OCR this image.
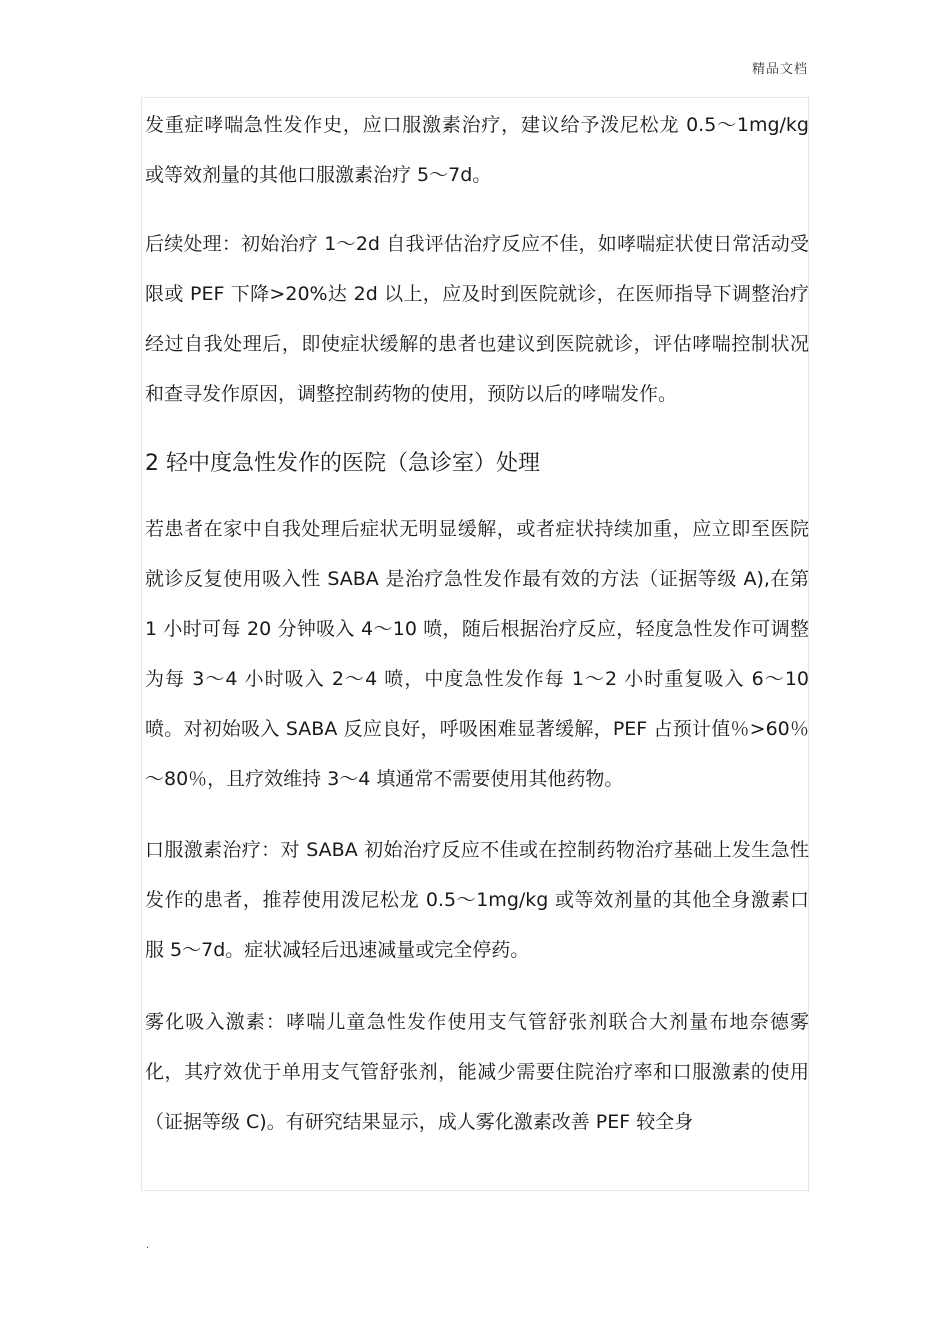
精品文档

发重症哮喘急性发作史，应口服激素治疗，建议给予泼尼松龙 0.5～1mg/kg 或等效剂量的其他口服激素治疗 5～7d。

后续处理：初始治疗 1～2d 自我评估治疗反应不佳，如哮喘症状使日常活动受限或 PEF 下降>20%达 2d 以上，应及时到医院就诊，在医师指导下调整治疗经过自我处理后，即使症状缓解的患者也建议到医院就诊，评估哮喘控制状况和查寻发作原因，调整控制药物的使用，预防以后的哮喘发作。

2 轻中度急性发作的医院（急诊室）处理

若患者在家中自我处理后症状无明显缓解，或者症状持续加重，应立即至医院就诊反复使用吸入性 SABA 是治疗急性发作最有效的方法（证据等级 A),在第 1 小时可每 20 分钟吸入 4～10 喷，随后根据治疗反应，轻度急性发作可调整为每 3～4 小时吸入 2～4 喷，中度急性发作每 1～2 小时重复吸入 6～10 喷。对初始吸入 SABA 反应良好，呼吸困难显著缓解，PEF 占预计值％>60％～80％，且疗效维持 3～4 填通常不需要使用其他药物。

口服激素治疗：对 SABA 初始治疗反应不佳或在控制药物治疗基础上发生急性发作的患者，推荐使用泼尼松龙 0.5～1mg/kg 或等效剂量的其他全身激素口服 5～7d。症状减轻后迅速减量或完全停药。

雾化吸入激素：哮喘儿童急性发作使用支气管舒张剂联合大剂量布地奈德雾化，其疗效优于单用支气管舒张剂，能减少需要住院治疗率和口服激素的使用（证据等级 C)。有研究结果显示，成人雾化激素改善 PEF 较全身

.
